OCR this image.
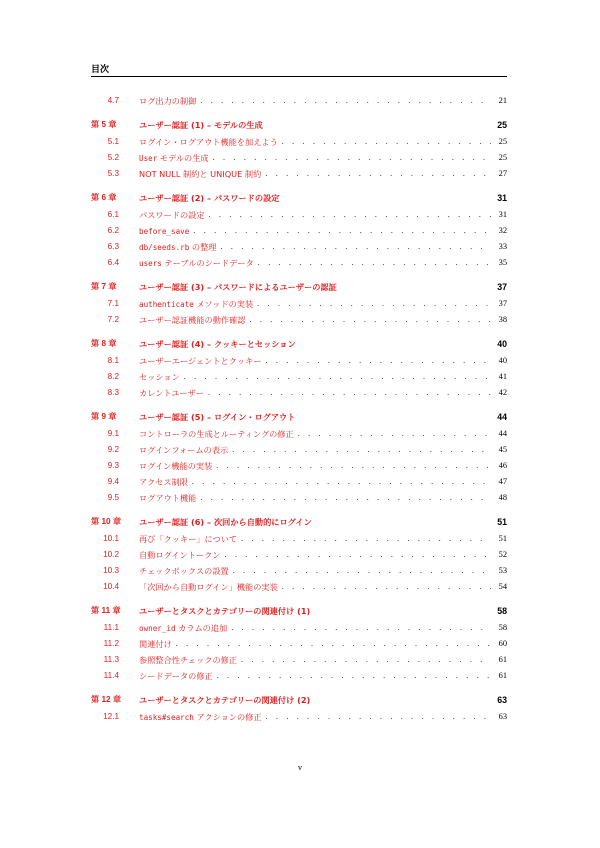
目次
4.7 ログ出力の制御 . . .	21
第 5 章	ユーザー認証 (1) – モデルの生成	25
5.1 ログイン・ログアウト機能を加えよう . . .	25
5.2	User モデルの生成 . . .	25
5.3 NOT NULL 制約と UNIQUE 制約 . . .	27
第 6 章	ユーザー認証 (2) – パスワードの設定	31
6.1 パスワードの設定 . . .	31
6.2	before_save . . .	32
6.3	db/seeds.rb の整理 . . .	33
6.4	users テーブルのシードデータ . . .	35
第 7 章	ユーザー認証 (3) – パスワードによるユーザーの認証	37
7.1	authenticate メソッドの実装 . . .	37
7.2 ユーザー認証機能の動作確認 . . .	38
第 8 章	ユーザー認証 (4) – クッキーとセッション	40
8.1 ユーザーエージェントとクッキー . . .	40
8.2 セッション . . .	41
8.3 カレントユーザー . . .	42
第 9 章	ユーザー認証 (5) – ログイン・ログアウト	44
9.1 コントローラの生成とルーティングの修正 . . .	44
9.2 ログインフォームの表示 . . .	45
9.3 ログイン機能の実装 . . .	46
9.4 アクセス制限 . . .	47
9.5 ログアウト機能 . . .	48
第 10 章	ユーザー認証 (6) – 次回から自動的にログイン	51
10.1 再び「クッキー」について . . .	51
10.2 自動ログイントークン . . .	52
10.3 チェックボックスの設置 . . .	53
10.4 「次回から自動ログイン」機能の実装 . . .	54
第 11 章	ユーザーとタスクとカテゴリーの関連付け (1)	58
11.1	owner_id カラムの追加 . . .	58
11.2 関連付け . . .	60
11.3 参照整合性チェックの修正 . . .	61
11.4 シードデータの修正 . . .	61
第 12 章	ユーザーとタスクとカテゴリーの関連付け (2)	63
12.1	tasks#search アクションの修正 . . .	63
v
